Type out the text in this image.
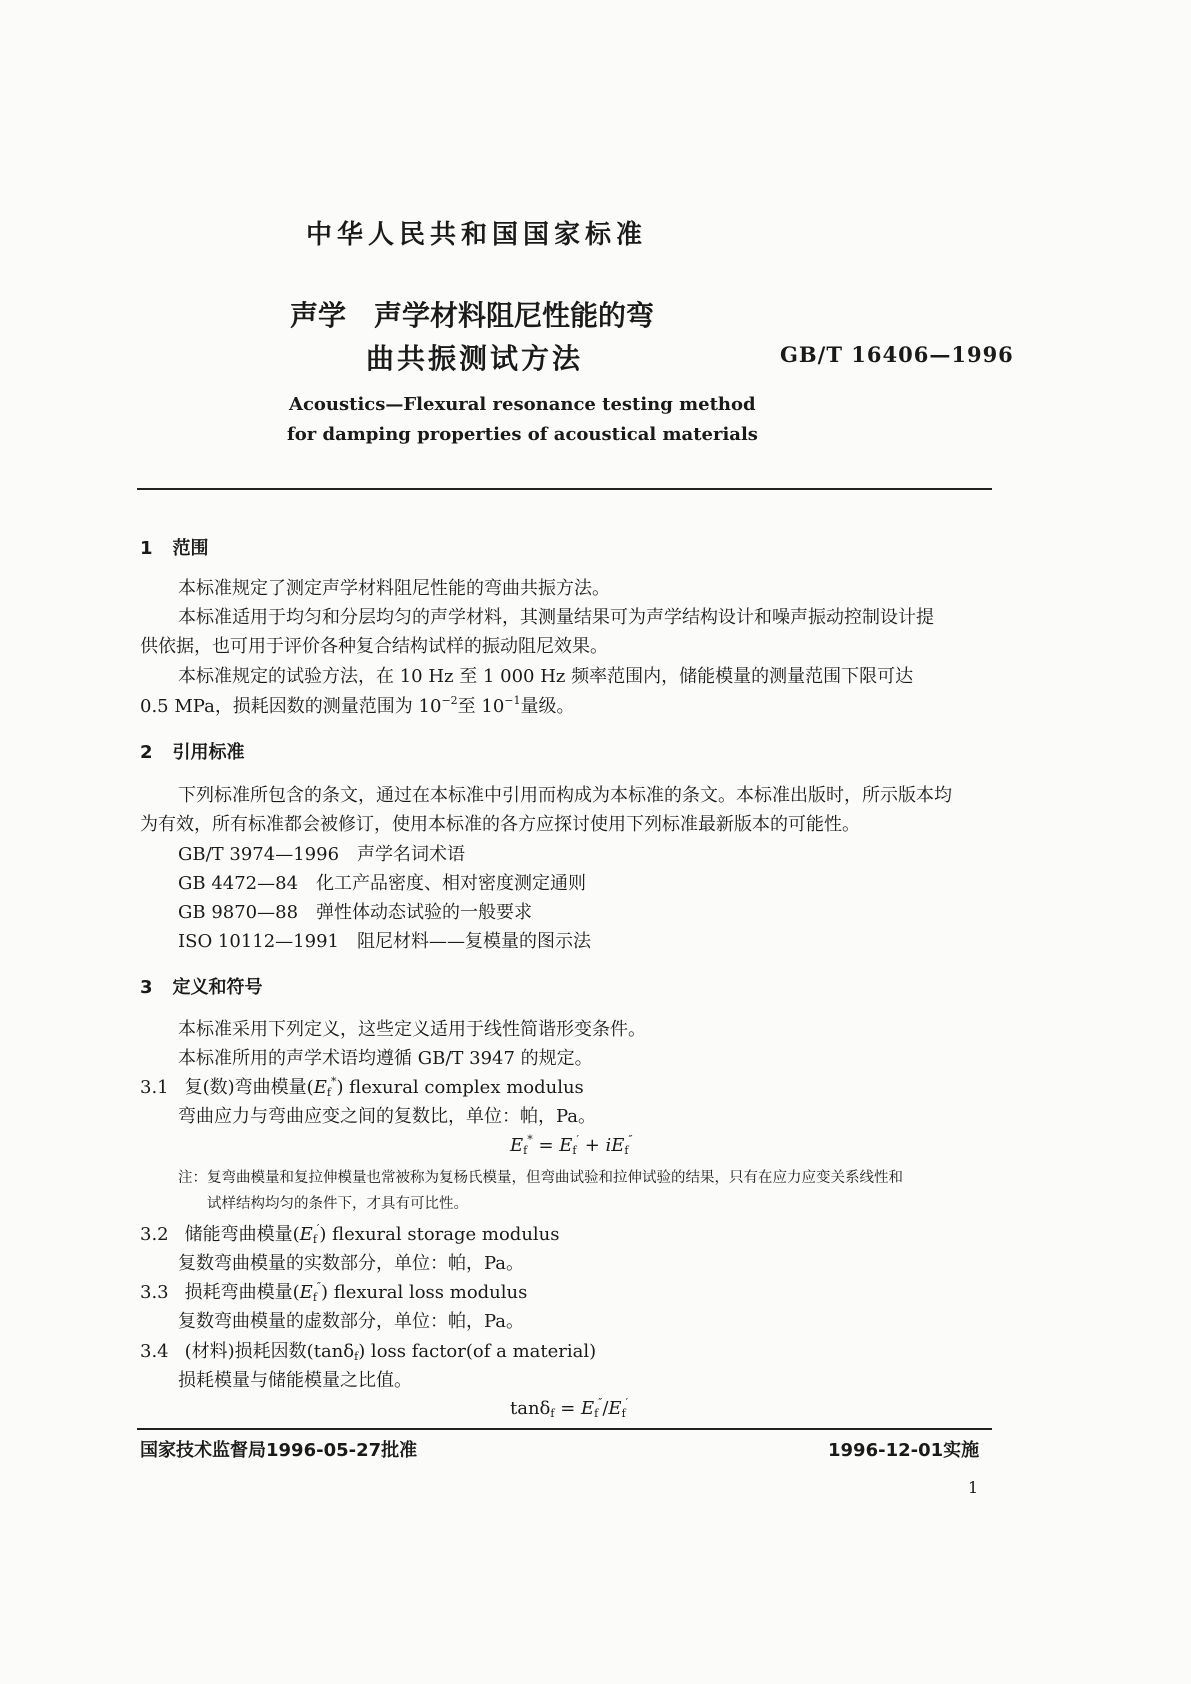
中华人民共和国国家标准
声学　声学材料阻尼性能的弯
曲共振测试方法	GB/T 16406—1996
Acoustics—Flexural resonance testing method
for damping properties of acoustical materials
1 范围
本标准规定了测定声学材料阻尼性能的弯曲共振方法。
本标准适用于均匀和分层均匀的声学材料，其测量结果可为声学结构设计和噪声振动控制设计提
供依据，也可用于评价各种复合结构试样的振动阻尼效果。
本标准规定的试验方法，在 10 Hz 至 1 000 Hz 频率范围内，储能模量的测量范围下限可达
0.5 MPa，损耗因数的测量范围为 $10^{-2}$至 $10^{-1}$量级。
2 引用标准
下列标准所包含的条文，通过在本标准中引用而构成为本标准的条文。本标准出版时，所示版本均
为有效，所有标准都会被修订，使用本标准的各方应探讨使用下列标准最新版本的可能性。
GB/T 3974—1996　 声学名词术语
GB 4472—84　 化工产品密度、相对密度测定通则
GB 9870—88　 弹性体动态试验的一般要求
ISO 10112—1991　 阻尼材料——复模量的图示法
3 定义和符号
本标准采用下列定义，这些定义适用于线性简谐形变条件。
本标准所用的声学术语均遵循 GB/T 3947 的规定。
3.1 复(数)弯曲模量$(E_f^*)$ flexural complex modulus
弯曲应力与弯曲应变之间的复数比，单位：帕，Pa。
$E_f^* = E_f' + iE_f''$
注：复弯曲模量和复拉伸模量也常被称为复杨氏模量，但弯曲试验和拉伸试验的结果，只有在应力应变关系线性和
试样结构均匀的条件下，才具有可比性。
3.2 储能弯曲模量$(E_f')$ flexural storage modulus
复数弯曲模量的实数部分，单位：帕，Pa。
3.3 损耗弯曲模量$(E_f'')$ flexural loss modulus
复数弯曲模量的虚数部分，单位：帕，Pa。
3.4 (材料)损耗因数(tanδ$_f$) loss factor(of a material)
损耗模量与储能模量之比值。
$\tan\delta_f = E_f''/E_f'$
国家技术监督局1996-05-27批准	1996-12-01实施
1
